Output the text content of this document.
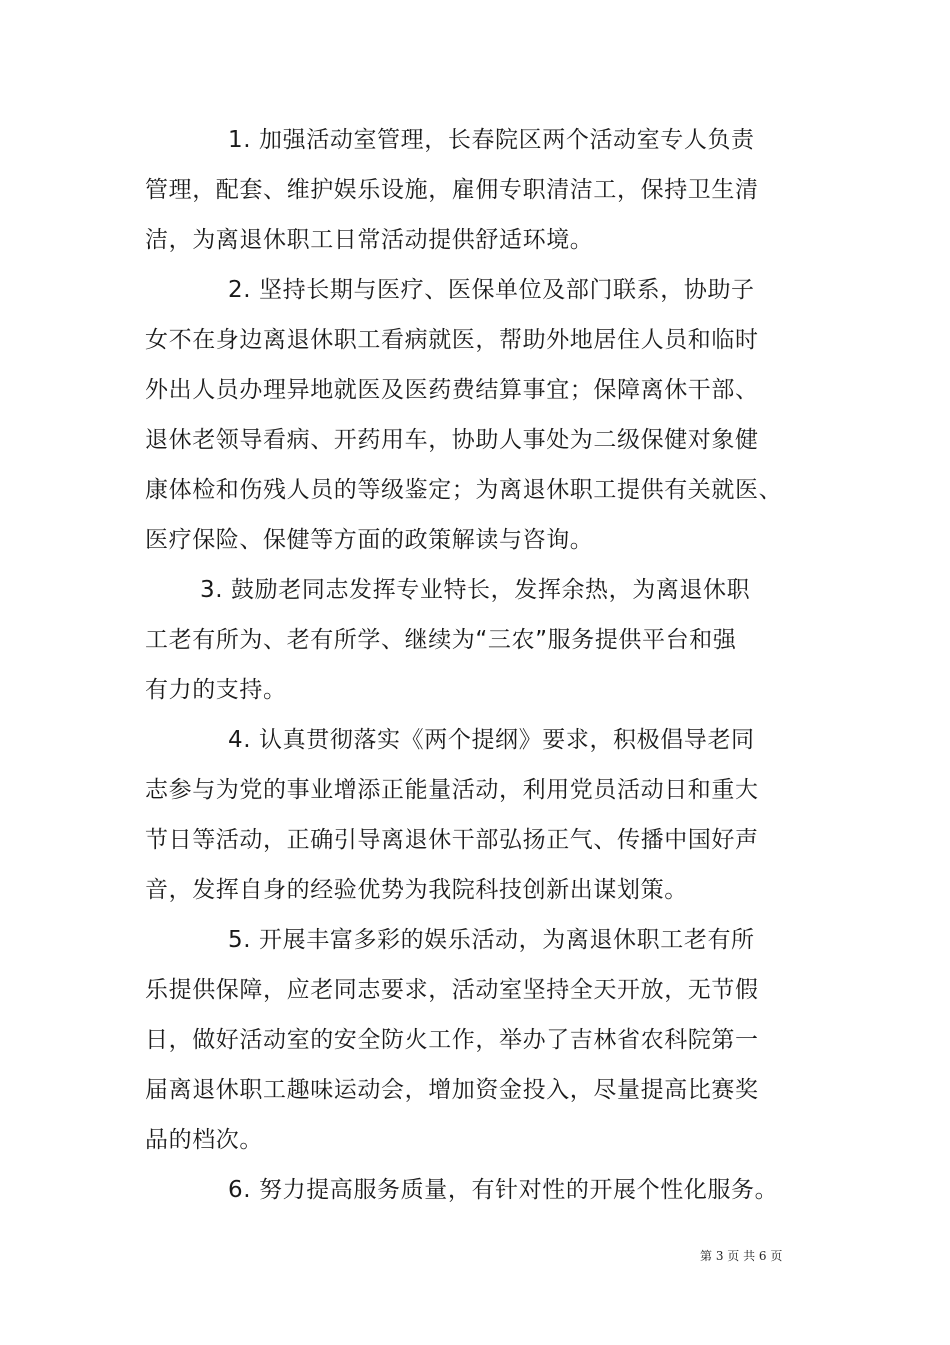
1. 加强活动室管理，长春院区两个活动室专人负责
管理，配套、维护娱乐设施，雇佣专职清洁工，保持卫生清
洁，为离退休职工日常活动提供舒适环境。
2. 坚持长期与医疗、医保单位及部门联系，协助子
女不在身边离退休职工看病就医，帮助外地居住人员和临时
外出人员办理异地就医及医药费结算事宜；保障离休干部、
退休老领导看病、开药用车，协助人事处为二级保健对象健
康体检和伤残人员的等级鉴定；为离退休职工提供有关就医、
医疗保险、保健等方面的政策解读与咨询。
3. 鼓励老同志发挥专业特长，发挥余热，为离退休职
工老有所为、老有所学、继续为“三农”服务提供平台和强
有力的支持。
4. 认真贯彻落实《两个提纲》要求，积极倡导老同
志参与为党的事业增添正能量活动，利用党员活动日和重大
节日等活动，正确引导离退休干部弘扬正气、传播中国好声
音，发挥自身的经验优势为我院科技创新出谋划策。
5. 开展丰富多彩的娱乐活动，为离退休职工老有所
乐提供保障，应老同志要求，活动室坚持全天开放，无节假
日，做好活动室的安全防火工作，举办了吉林省农科院第一
届离退休职工趣味运动会，增加资金投入，尽量提高比赛奖
品的档次。
6. 努力提高服务质量，有针对性的开展个性化服务。
第 3 页 共 6 页
